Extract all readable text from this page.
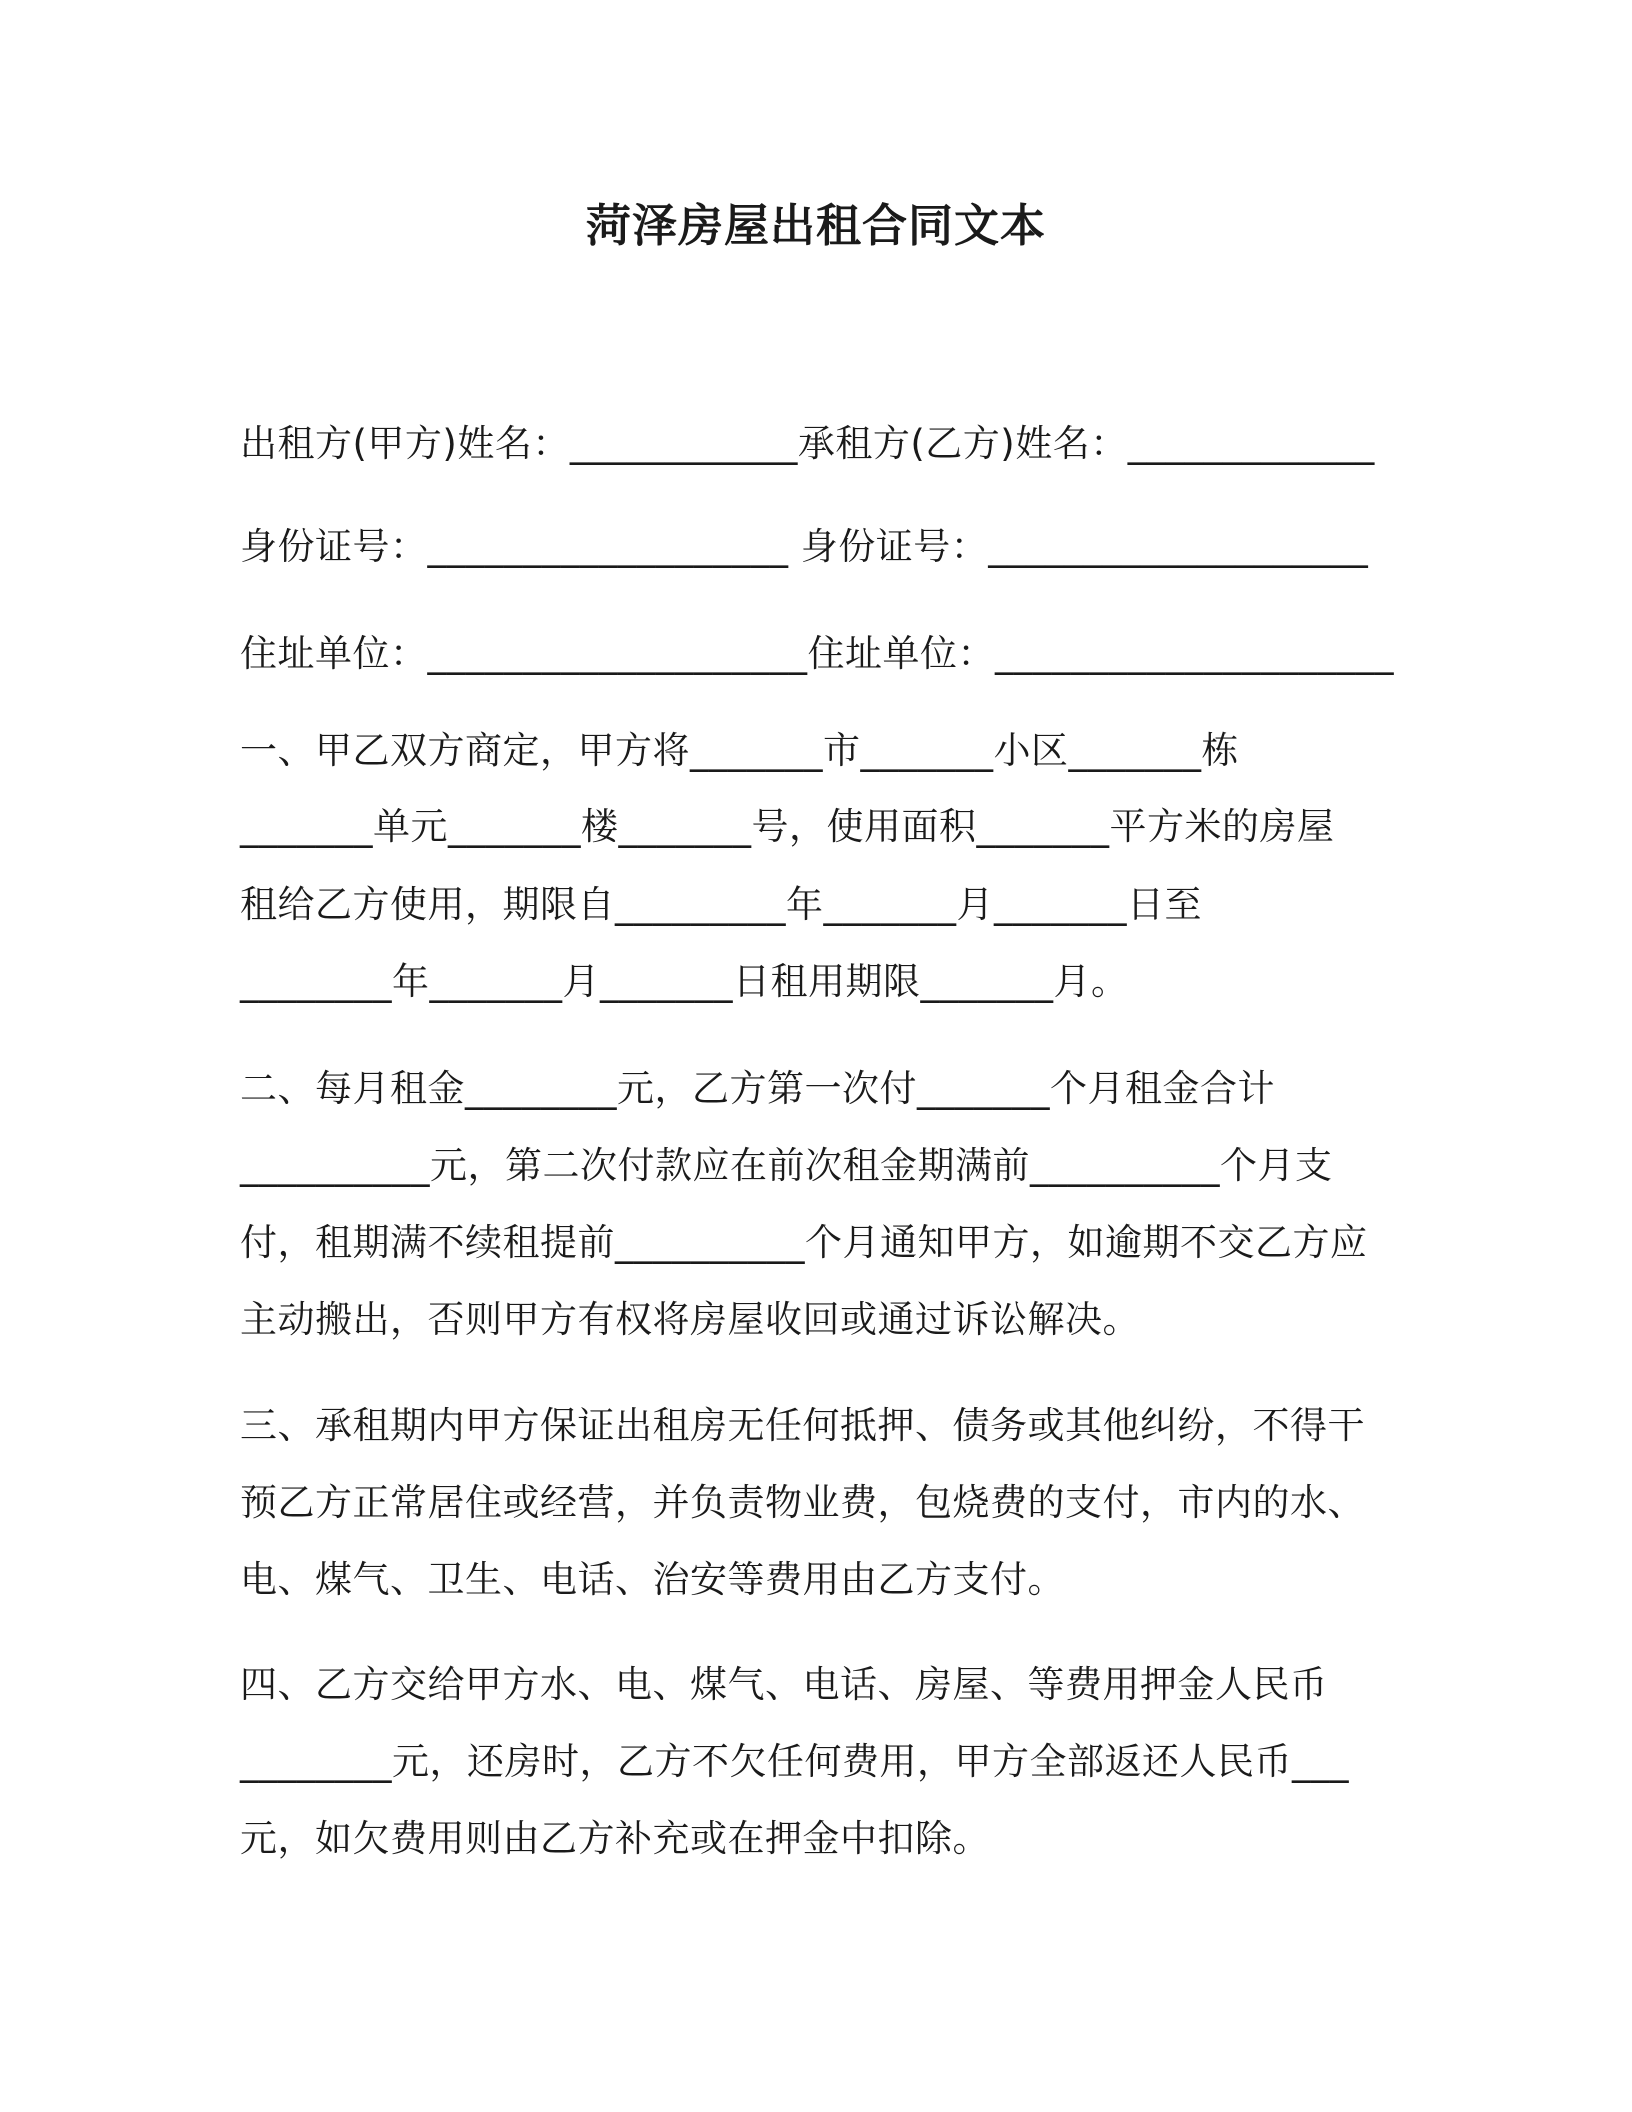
菏泽房屋出租合同文本
出租方(甲方)姓名：____________承租方(乙方)姓名：_____________
身份证号：___________________ 身份证号：____________________
住址单位：____________________住址单位：_____________________
一、甲乙双方商定，甲方将_______市_______小区_______栋
_______单元_______楼_______号，使用面积_______平方米的房屋
租给乙方使用，期限自_________年_______月_______日至
________年_______月_______日租用期限_______月。
二、每月租金________元，乙方第一次付_______个月租金合计
__________元，第二次付款应在前次租金期满前__________个月支
付，租期满不续租提前__________个月通知甲方，如逾期不交乙方应
主动搬出，否则甲方有权将房屋收回或通过诉讼解决。
三、承租期内甲方保证出租房无任何抵押、债务或其他纠纷，不得干
预乙方正常居住或经营，并负责物业费，包烧费的支付，市内的水、
电、煤气、卫生、电话、治安等费用由乙方支付。
四、乙方交给甲方水、电、煤气、电话、房屋、等费用押金人民币
________元，还房时，乙方不欠任何费用，甲方全部返还人民币___
元，如欠费用则由乙方补充或在押金中扣除。
